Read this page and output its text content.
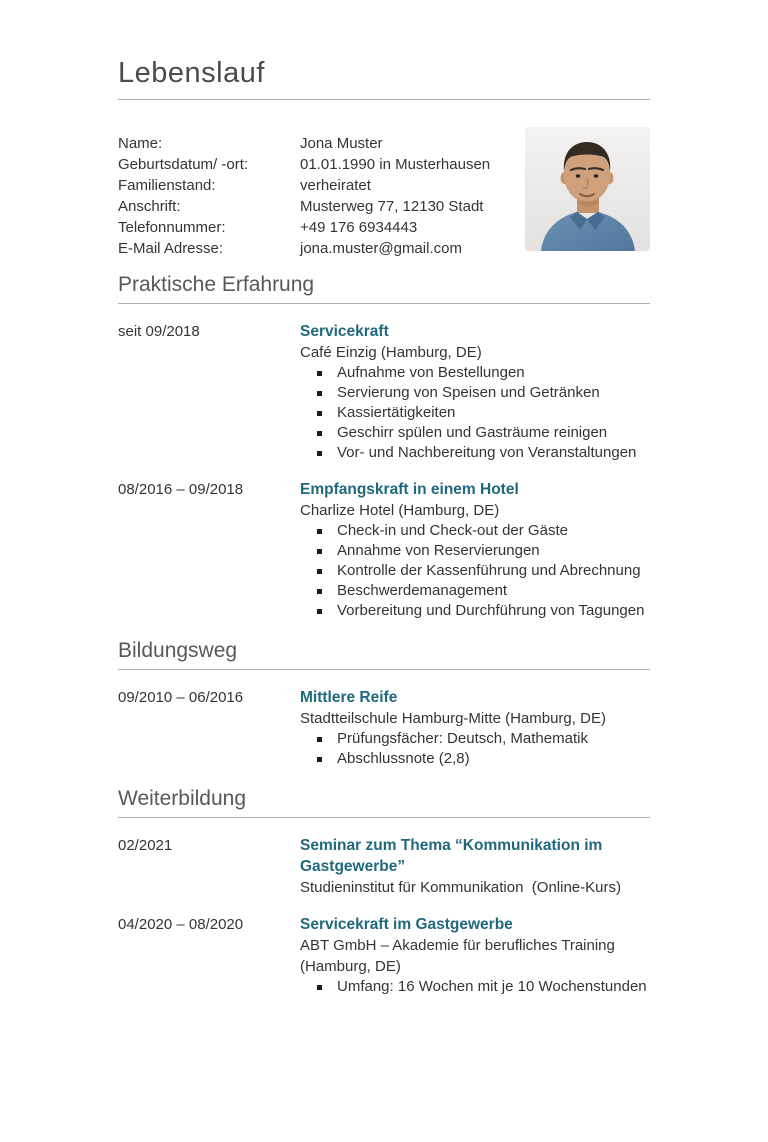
Lebenslauf
Name:	Jona Muster
Geburtsdatum/ -ort:	01.01.1990 in Musterhausen
Familienstand:	verheiratet
Anschrift:	Musterweg 77, 12130 Stadt
Telefonnummer:	+49 176 6934443
E-Mail Adresse:	jona.muster@gmail.com
Praktische Erfahrung
seit 09/2018	Servicekraft
Café Einzig (Hamburg, DE)
Aufnahme von Bestellungen
Servierung von Speisen und Getränken
Kassiertätigkeiten
Geschirr spülen und Gasträume reinigen
Vor- und Nachbereitung von Veranstaltungen
08/2016 – 09/2018	Empfangskraft in einem Hotel
Charlize Hotel (Hamburg, DE)
Check-in und Check-out der Gäste
Annahme von Reservierungen
Kontrolle der Kassenführung und Abrechnung
Beschwerdemanagement
Vorbereitung und Durchführung von Tagungen
Bildungsweg
09/2010 – 06/2016	Mittlere Reife
Stadtteilschule Hamburg-Mitte (Hamburg, DE)
Prüfungsfächer: Deutsch, Mathematik
Abschlussnote (2,8)
Weiterbildung
02/2021	Seminar zum Thema “Kommunikation im Gastgewerbe”
Studieninstitut für Kommunikation  (Online-Kurs)
04/2020 – 08/2020	Servicekraft im Gastgewerbe
ABT GmbH – Akademie für berufliches Training (Hamburg, DE)
Umfang: 16 Wochen mit je 10 Wochenstunden
